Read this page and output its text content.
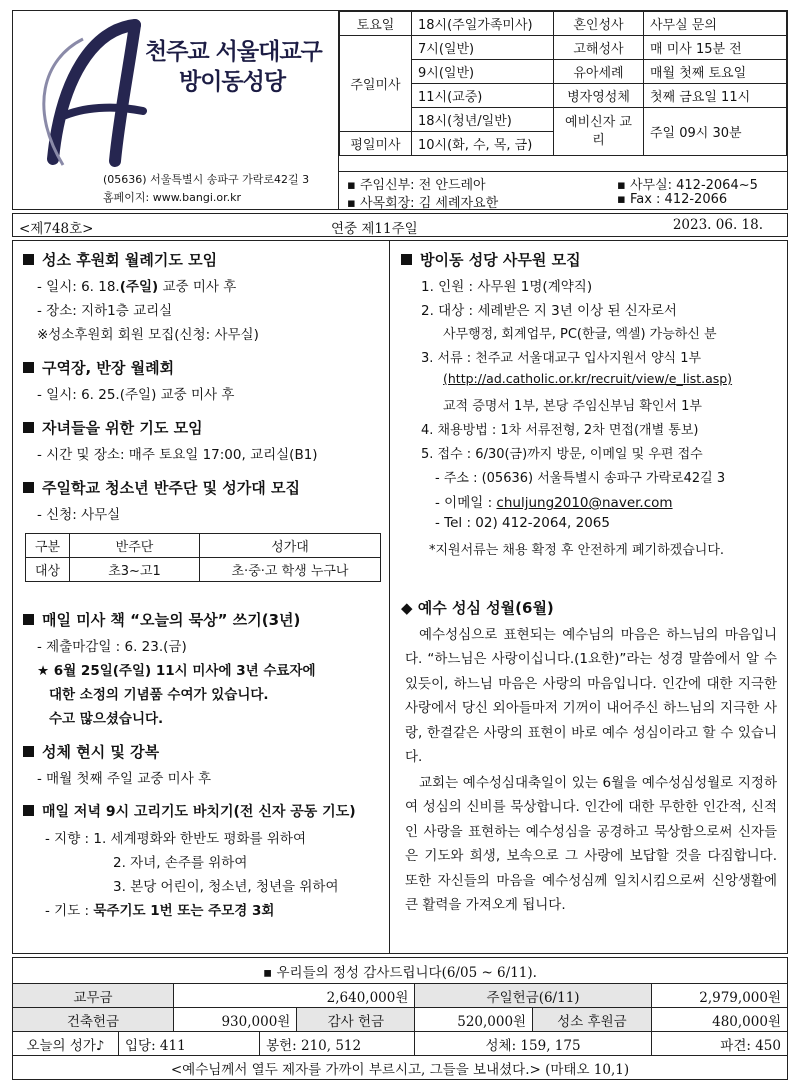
천주교 서울대교구
방이동성당
(05636) 서울특별시 송파구 가락로42길 3
홈페이지: www.bangi.or.kr
토요일	18시(주일가족미사)	혼인성사	사무실 문의
주일미사	7시(일반)	고해성사	매 미사 15분 전
	9시(일반)	유아세례	매월 첫째 토요일
	11시(교중)	병자영성체	첫째 금요일 11시
	18시(청년/일반)	예비신자 교리	주일 09시 30분
평일미사	10시(화, 수, 목, 금)		
▪ 주임신부: 전 안드레아
▪ 사목회장: 김 세례자요한
▪ 사무실: 412-2064~5
▪ Fax : 412-2066
<제748호>	연중 제11주일	2023. 06. 18.
성소 후원회 월례기도 모임
- 일시: 6. 18.(주일) 교중 미사 후
- 장소: 지하1층 교리실
※성소후원회 회원 모집(신청: 사무실)
구역장, 반장 월례회
- 일시: 6. 25.(주일) 교중 미사 후
자녀들을 위한 기도 모임
- 시간 및 장소: 매주 토요일 17:00, 교리실(B1)
주일학교 청소년 반주단 및 성가대 모집
- 신청: 사무실
구분	반주단	성가대
대상	초3~고1	초·중·고 학생 누구나
매일 미사 책 “오늘의 묵상” 쓰기(3년)
- 제출마감일 : 6. 23.(금)
★ 6월 25일(주일) 11시 미사에 3년 수료자에
대한 소정의 기념품 수여가 있습니다.
수고 많으셨습니다.
성체 현시 및 강복
- 매월 첫째 주일 교중 미사 후
매일 저녁 9시 고리기도 바치기(전 신자 공동 기도)
- 지향 : 1. 세계평화와 한반도 평화를 위하여
2. 자녀, 손주를 위하여
3. 본당 어린이, 청소년, 청년을 위하여
- 기도 : 묵주기도 1번 또는 주모경 3회
방이동 성당 사무원 모집
1. 인원 : 사무원 1명(계약직)
2. 대상 : 세례받은 지 3년 이상 된 신자로서
사무행정, 회계업무, PC(한글, 엑셀) 가능하신 분
3. 서류 : 천주교 서울대교구 입사지원서 양식 1부
(http://ad.catholic.or.kr/recruit/view/e_list.asp)
교적 증명서 1부, 본당 주임신부님 확인서 1부
4. 채용방법 : 1차 서류전형, 2차 면접(개별 통보)
5. 접수 : 6/30(금)까지 방문, 이메일 및 우편 접수
- 주소 : (05636) 서울특별시 송파구 가락로42길 3
- 이메일 : chuljung2010@naver.com
- Tel : 02) 412-2064, 2065
*지원서류는 채용 확정 후 안전하게 폐기하겠습니다.
◆ 예수 성심 성월(6월)
예수성심으로 표현되는 예수님의 마음은 하느님의 마음입니다. “하느님은 사랑이십니다.(1요한)”라는 성경 말씀에서 알 수 있듯이, 하느님 마음은 사랑의 마음입니다. 인간에 대한 지극한 사랑에서 당신 외아들마저 기꺼이 내어주신 하느님의 지극한 사랑, 한결같은 사랑의 표현이 바로 예수 성심이라고 할 수 있습니다.
교회는 예수성심대축일이 있는 6월을 예수성심성월로 지정하여 성심의 신비를 묵상합니다. 인간에 대한 무한한 인간적, 신적인 사랑을 표현하는 예수성심을 공경하고 묵상함으로써 신자들은 기도와 희생, 보속으로 그 사랑에 보답할 것을 다짐합니다. 또한 자신들의 마음을 예수성심께 일치시킴으로써 신앙생활에 큰 활력을 가져오게 됩니다.
▪ 우리들의 정성 감사드립니다(6/05 ~ 6/11).											
교무금		2,640,000원				주일헌금(6/11)				2,979,000원	
건축헌금		930,000원		감사 헌금		520,000원		성소 후원금		480,000원	
오늘의 성가♪	입당: 411		봉헌: 210, 512			성체: 159, 175				파견: 450	
<예수님께서 열두 제자를 가까이 부르시고, 그들을 보내셨다.> (마태오 10,1)											
